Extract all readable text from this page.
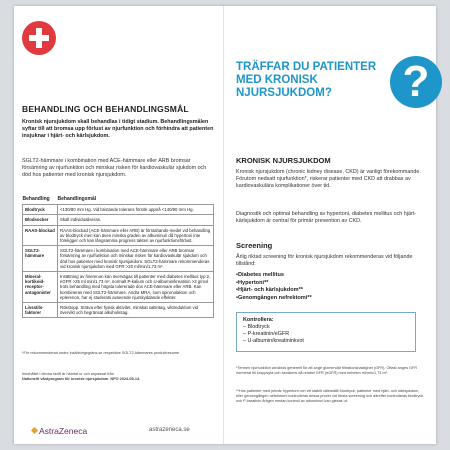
BEHANDLING OCH BEHANDLINGSMÅL
Kronisk njursjukdom skall behandlas i tidigt stadium. Behandlingsmålen syftar till att bromsa upp förlust av njurfunktion och förhindra att patienten insjuknar i hjärt- och kärlsjukdom.
SGLT2-hämmare i kombination med ACE-hämmare eller ARB bromsar försämring av njurfunktion och minskar risken för kardiovaskulär sjukdom och död hos patienter med kronisk njursjukdom.
Behandling	Behandlingsmål
Blodtryck	<130/80 mm Hg. Vid bristande tolerans försök uppnå <140/90 mm Hg.
Blodsocker	Skall individualiseras.
RAAS-blockad	RAAS-blockad (ACE-hämmare eller ARB) är förstahands-medel vid behandling av blodtryck men kan även minska graden av albuminuri då hypertoni inte föreligger och kan långsamma progress takten av njurfunktionsförlust.
SGLT2-hämmare	SGLT2-hämmare i kombination med ACE-hämmare eller ARB bromsar försämring av njurfunktion och minskar risken för kardiovaskulär sjukdom och död hos patienter med kronisk njursjukdom. SGLT2-hämmare rekommenderas vid kronisk njursjukdom med GFR >20 ml/min/1,73 m².
Mineral-kortikoid-receptor-antagonister	Insättning av finerenon kan övervägas till patienter med diabetes mellitus typ 2, eGFR >25 ml min/1,73 m², normalt P-kalium och U-albumin/kreatinin >3 g/mol trots behandling med högsta tolererade dos ACE-hämmare eller ARB. Kan kombineras med SGLT2-hämmare. Andra MRA, som spironolakton och eplerenon, har ej studerats avseende njurskyddande effekter.
Livsstils-faktorer	Rökstopp. Sträva efter fysisk aktivitet, minskat saltintag, viktreduktion vid övervikt och begränsat alkoholintag.
*För rekommenderad undre insättningsgräns se respektive SGLT2-hämmares produktresumé
Innehållet i denna skrift är hämtat ur och anpassat från
Nationellt vårdprogram för kronisk njursjukdom. NPO 2024-05-14.
AstraZeneca	astrazeneca.se
?
TRÄFFAR DU PATIENTER MED KRONISK NJURSJUKDOM?
KRONISK NJURSJUKDOM
Kronisk njursjukdom (chronic kidney disease, CKD) är vanligt förekommande. Förutom nedsatt njurfunktion*, riskerar patienter med CKD att drabbas av kardiovaskulära komplikationer över tid.
Diagnostik och optimal behandling av hypertoni, diabetes mellitus och hjärt-kärlsjukdom är central för primär prevention av CKD.
Screening
Årlig riktad screening för kronisk njursjukdom rekommenderas vid följande tillstånd:
• Diabetes mellitus
• Hypertoni**
• Hjärt- och kärlsjukdom**
• Genomgången nefrektomi**
Kontrollera:
– Blodtryck
– P-kreatinin/eGFR
– U-albumin/kreatininkvot
*Termen njurfunktion används generellt för att ange glomerulär filtrationshastighet (GFR). Oftast anges GFR normerat till kroppsyta och benämns då relativt GFR (eGFR) med enheten ml/min/1,73 m².
**Hos patienter med primär hypertoni och ett stabilt välinställt blodtryck, patienter med hjärt- och kärlsjukdom, eller genomgången nefrektomi kontrolleras dessa prover vid första screening och därefter kontrolleras blodtryck och P-kreatinin årligen medan kontroll av albuminuri kan glesas ut.
